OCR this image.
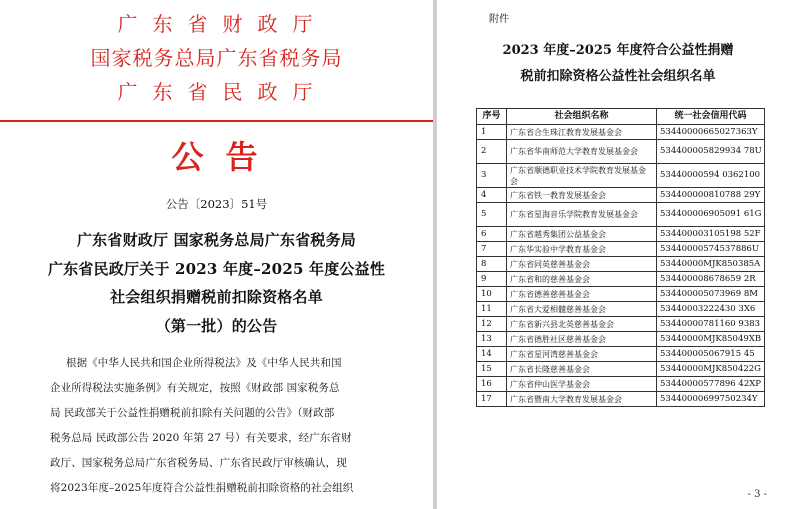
广东省财政厅
国家税务总局广东省税务局
广东省民政厅
公告
公告〔2023〕51号
广东省财政厅 国家税务总局广东省税务局
广东省民政厅关于 2023 年度–2025 年度公益性
社会组织捐赠税前扣除资格名单
（第一批）的公告
根据《中华人民共和国企业所得税法》及《中华人民共和国
企业所得税法实施条例》有关规定，按照《财政部 国家税务总
局 民政部关于公益性捐赠税前扣除有关问题的公告》（财政部
税务总局 民政部公告 2020 年第 27 号）有关要求，经广东省财
政厅、国家税务总局广东省税务局、广东省民政厅审核确认，现
将2023年度–2025年度符合公益性捐赠税前扣除资格的社会组织
附件
2023 年度–2025 年度符合公益性捐赠
税前扣除资格公益性社会组织名单
序号	社会组织名称	统一社会信用代码
1	广东省合生珠江教育发展基金会	53440000665027363Y
2	广东省华南师范大学教育发展基金会	534400005829934 78U
3	广东省顺德职业技术学院教育发展基金会	53440000594 0362100
4	广东省铁一教育发展基金会	534400000810788 29Y
5	广东省星海音乐学院教育发展基金会	534400006905091 61G
6	广东省越秀集团公益基金会	534400003105198 52F
7	广东华实验中学教育基金会	53440000574537886U
8	广东省同英慈善基金会	53440000MJK850385A
9	广东省和的慈善基金会	534400008678659 2R
10	广东省德善慈善基金会	534400005073969 8M
11	广东省大爱相髓慈善基金会	53440003222430 3X6
12	广东省新兴县北英慈善基金会	53440000781160 9383
13	广东省德胜社区慈善基金会	53440000MJK85049XB
14	广东省星河湾慈善基金会	534400005067915 45
15	广东省长隆慈善基金会	53440000MJK850422G
16	广东省仲山医学基金会	53440000577896 42XP
17	广东省暨南大学教育发展基金会	53440000699750234Y
- 3 -
